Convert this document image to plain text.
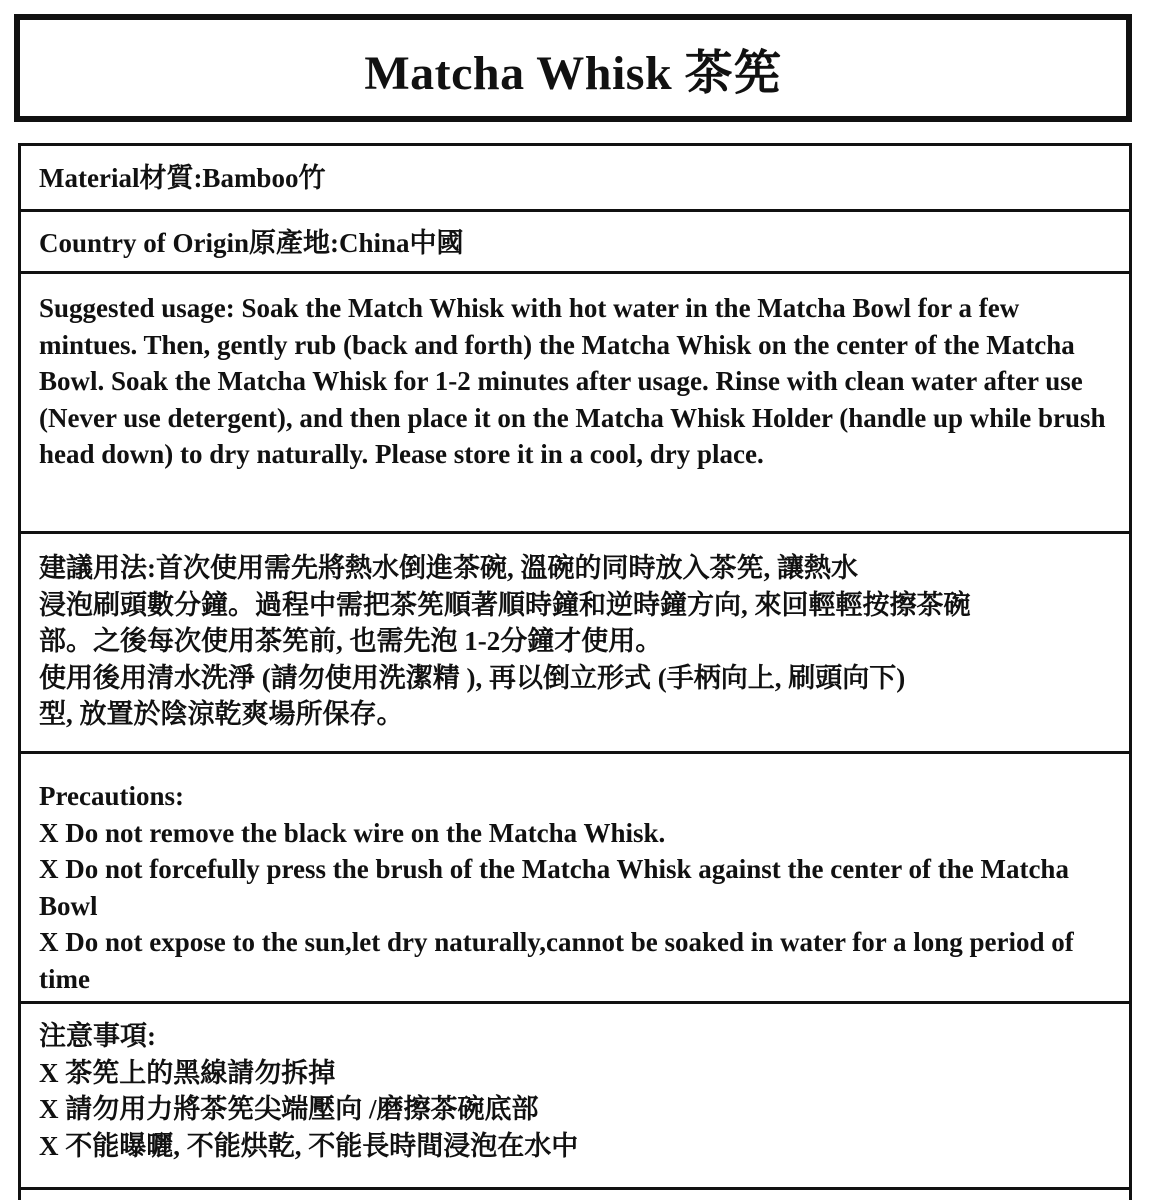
Matcha Whisk 茶筅
Material材質:Bamboo竹
Country of Origin原產地:China中國
Suggested usage: Soak the Match Whisk with hot water in the Matcha Bowl for a few mintues. Then, gently rub (back and forth) the Matcha Whisk on the center of the Matcha Bowl. Soak the Matcha Whisk for 1-2 minutes after usage. Rinse with clean water after use (Never use detergent), and then place it on the Matcha Whisk Holder (handle up while brush head down) to dry naturally. Please store it in a cool, dry place.
建議用法:首次使用需先將熱水倒進茶碗, 溫碗的同時放入茶筅, 讓熱水
浸泡刷頭數分鐘。過程中需把茶筅順著順時鐘和逆時鐘方向, 來回輕輕按擦茶碗
部。之後每次使用茶筅前, 也需先泡 1-2分鐘才使用。
使用後用清水洗淨 (請勿使用洗潔精 ), 再以倒立形式 (手柄向上, 刷頭向下)
型, 放置於陰涼乾爽場所保存。
Precautions:
X Do not remove the black wire on the Matcha Whisk.
X Do not forcefully press the brush of the Matcha Whisk against the center of the Matcha Bowl
X Do not expose to the sun,let dry naturally,cannot be soaked in water for a long period of time
注意事項:
X 茶筅上的黑線請勿拆掉
X 請勿用力將茶筅尖端壓向 /磨擦茶碗底部
X 不能曝曬, 不能烘乾, 不能長時間浸泡在水中
